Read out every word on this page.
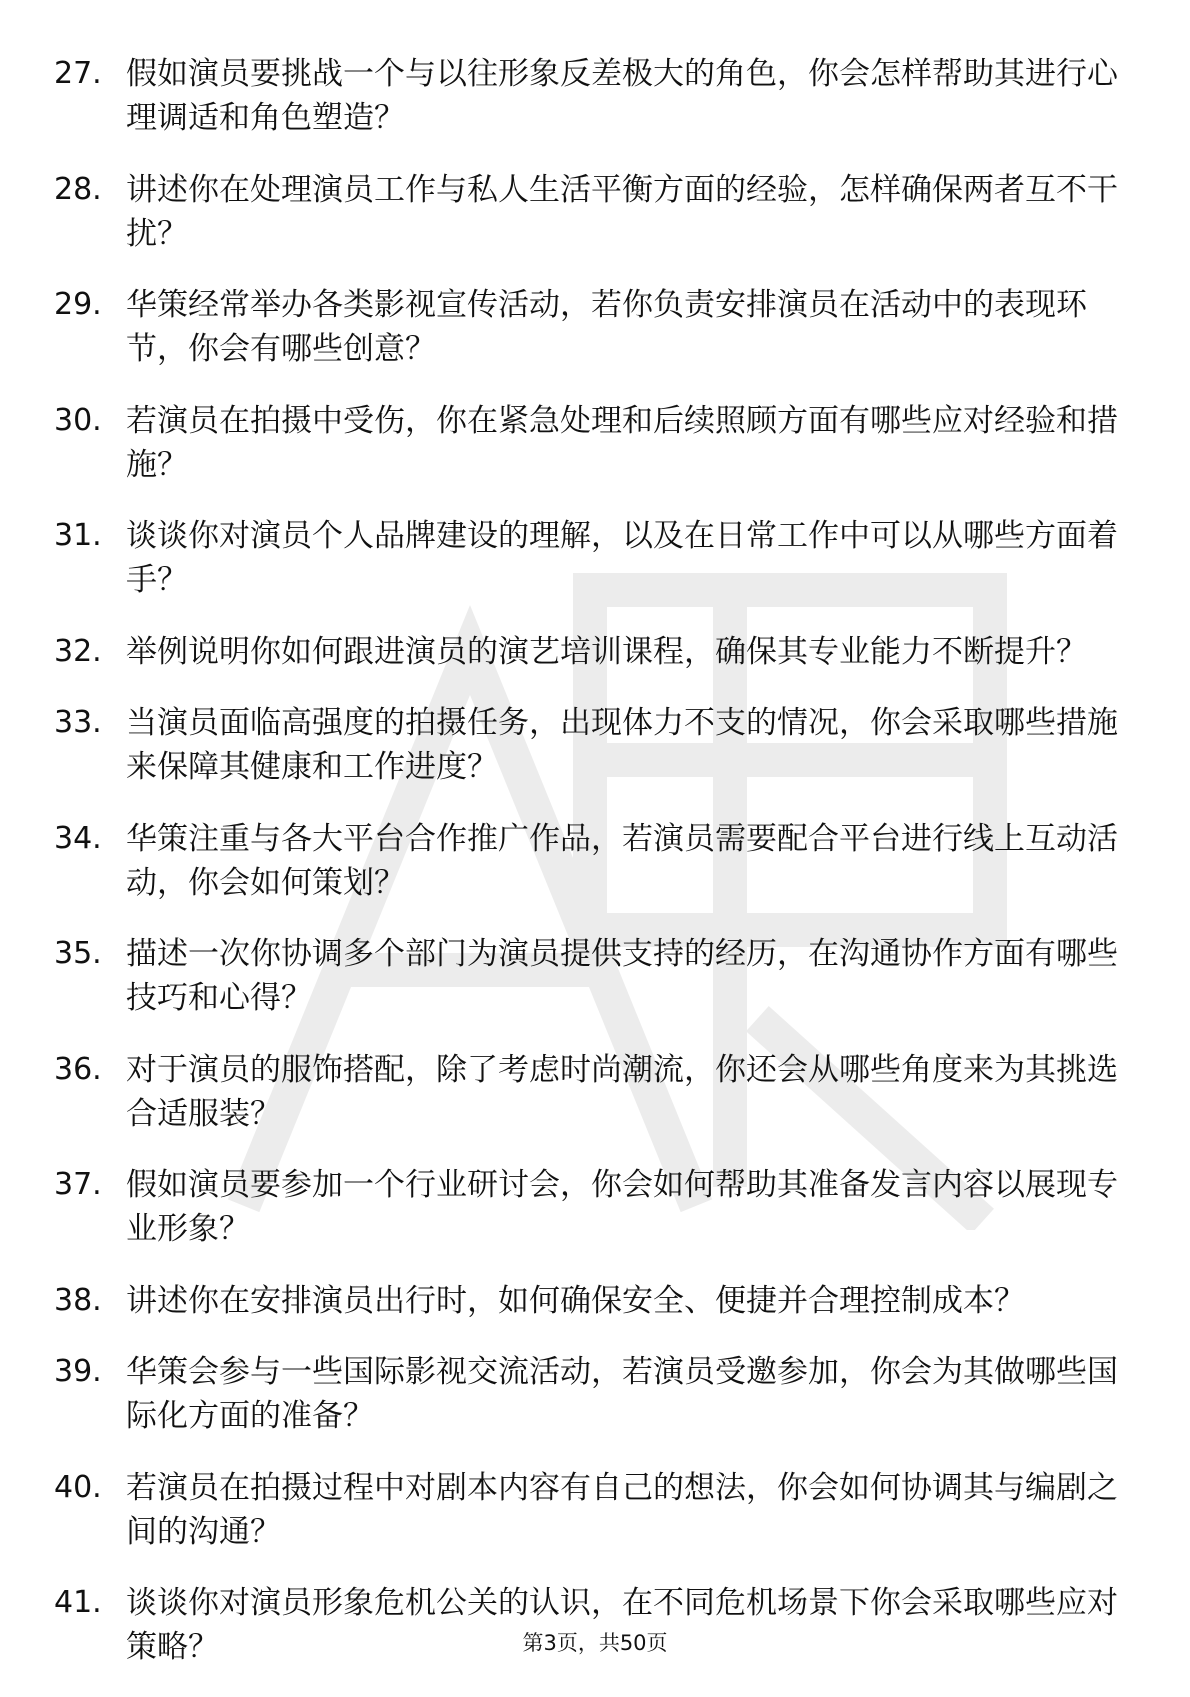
27. 假如演员要挑战一个与以往形象反差极大的角色，你会怎样帮助其进行心理调适和角色塑造？
28. 讲述你在处理演员工作与私人生活平衡方面的经验，怎样确保两者互不干扰？
29. 华策经常举办各类影视宣传活动，若你负责安排演员在活动中的表现环节，你会有哪些创意？
30. 若演员在拍摄中受伤，你在紧急处理和后续照顾方面有哪些应对经验和措施？
31. 谈谈你对演员个人品牌建设的理解，以及在日常工作中可以从哪些方面着手？
32. 举例说明你如何跟进演员的演艺培训课程，确保其专业能力不断提升？
33. 当演员面临高强度的拍摄任务，出现体力不支的情况，你会采取哪些措施来保障其健康和工作进度？
34. 华策注重与各大平台合作推广作品，若演员需要配合平台进行线上互动活动，你会如何策划？
35. 描述一次你协调多个部门为演员提供支持的经历，在沟通协作方面有哪些技巧和心得？
36. 对于演员的服饰搭配，除了考虑时尚潮流，你还会从哪些角度来为其挑选合适服装？
37. 假如演员要参加一个行业研讨会，你会如何帮助其准备发言内容以展现专业形象？
38. 讲述你在安排演员出行时，如何确保安全、便捷并合理控制成本？
39. 华策会参与一些国际影视交流活动，若演员受邀参加，你会为其做哪些国际化方面的准备？
40. 若演员在拍摄过程中对剧本内容有自己的想法，你会如何协调其与编剧之间的沟通？
41. 谈谈你对演员形象危机公关的认识，在不同危机场景下你会采取哪些应对策略？	第3页，共50页
